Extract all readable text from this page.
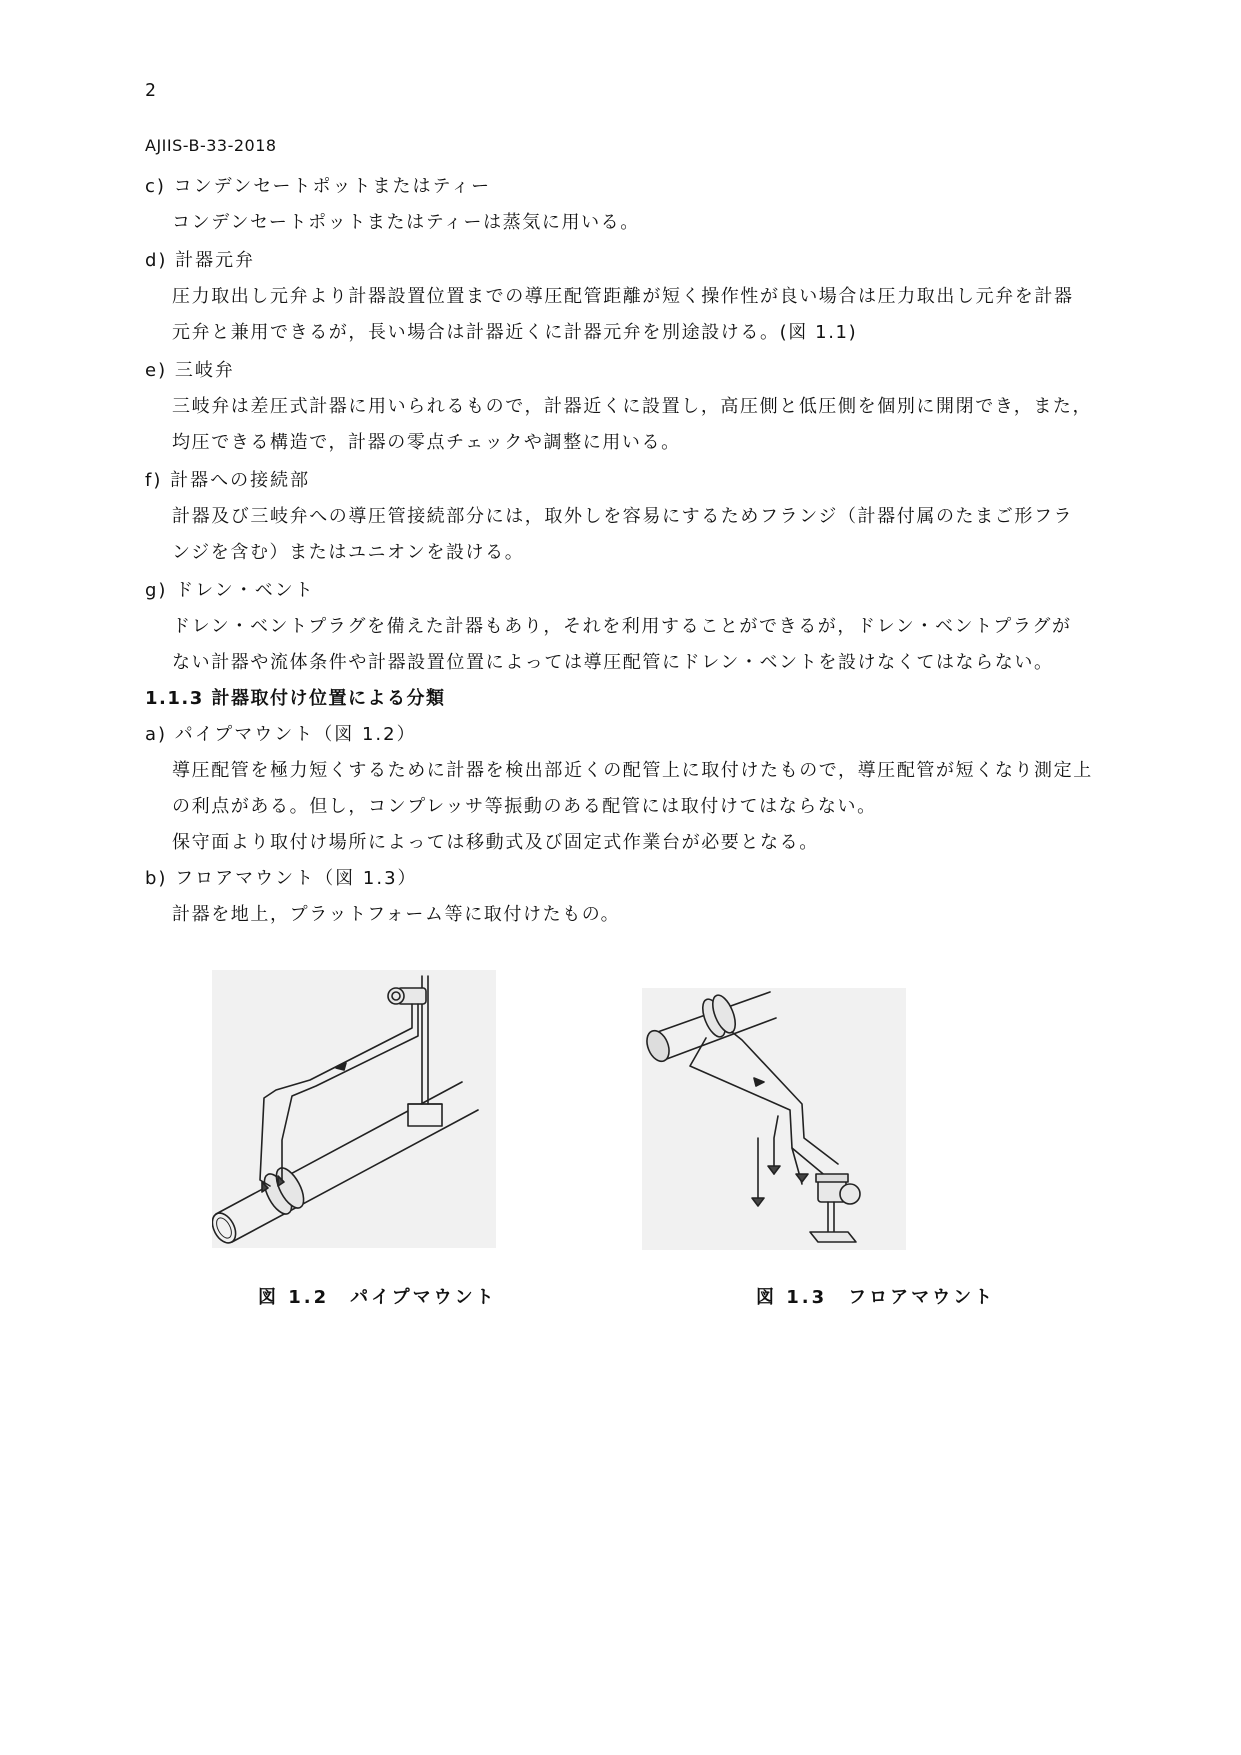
2
AJIIS-B-33-2018
c) コンデンセートポットまたはティー
コンデンセートポットまたはティーは蒸気に用いる。
d) 計器元弁
圧力取出し元弁より計器設置位置までの導圧配管距離が短く操作性が良い場合は圧力取出し元弁を計器
元弁と兼用できるが，長い場合は計器近くに計器元弁を別途設ける。(図 1.1)
e) 三岐弁
三岐弁は差圧式計器に用いられるもので，計器近くに設置し，高圧側と低圧側を個別に開閉でき，また，
均圧できる構造で，計器の零点チェックや調整に用いる。
f) 計器への接続部
計器及び三岐弁への導圧管接続部分には，取外しを容易にするためフランジ（計器付属のたまご形フラ
ンジを含む）またはユニオンを設ける。
g) ドレン・ベント
ドレン・ベントプラグを備えた計器もあり，それを利用することができるが，ドレン・ベントプラグが
ない計器や流体条件や計器設置位置によっては導圧配管にドレン・ベントを設けなくてはならない。
1.1.3 計器取付け位置による分類
a) パイプマウント（図 1.2）
導圧配管を極力短くするために計器を検出部近くの配管上に取付けたもので，導圧配管が短くなり測定上
の利点がある。但し，コンプレッサ等振動のある配管には取付けてはならない。
保守面より取付け場所によっては移動式及び固定式作業台が必要となる。
b) フロアマウント（図 1.3）
計器を地上，プラットフォーム等に取付けたもの。
図 1.2　パイプマウント	図 1.3　フロアマウント
